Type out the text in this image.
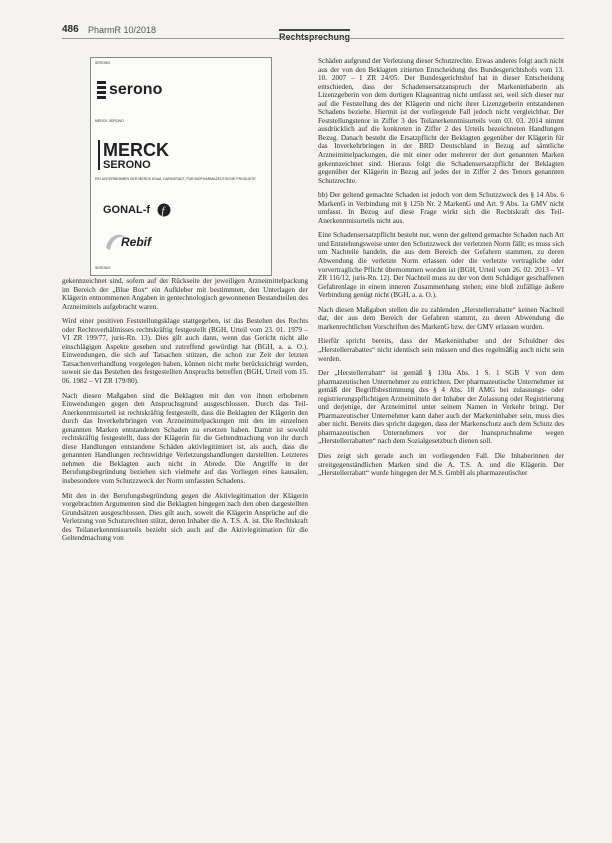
486 PharmR 10/2018
Rechtsprechung
SERONO
serono
MERCK SERONO
MERCK
SERONO
EIN UNTERNEHMEN DER MERCK KGaA, DARMSTADT, FÜR BIOPHARMAZEUTISCHE PRODUKTE
GONAL-f f
Rebif
SERONO

gekennzeichnet sind, sofern auf der Rückseite der jeweiligen Arzneimittelpackung im Bereich der „Blue Box“ ein Aufkleber mit bestimmten, den Unterlagen der Klägerin entnommenen Angaben in gentechnologisch gewonnenen Bestandteilen des Arzneimittels aufgebracht waren.

Wird einer positiven Feststellungsklage stattgegeben, ist das Bestehen des Rechts oder Rechtsverhältnisses rechtskräftig festgestellt (BGH, Urteil vom 23. 01. 1979 – VI ZR 199/77, juris-Rn. 13). Dies gilt auch dann, wenn das Gericht nicht alle einschlägigen Aspekte gesehen und zutreffend gewürdigt hat (BGH, a. a. O.). Einwendungen, die sich auf Tatsachen stützen, die schon zur Zeit der letzten Tatsachenverhandlung vorgelegen haben, können nicht mehr berücksichtigt werden, soweit sie das Bestehen des festgestellten Anspruchs betreffen (BGH, Urteil vom 15. 06. 1982 – VI ZR 179/80).

Nach diesen Maßgaben sind die Beklagten mit den von ihnen erhobenen Einwendungen gegen den Anspruchsgrund ausgeschlossen. Durch das Teil-Anerkenntnisurteil ist rechtskräftig festgestellt, dass die Beklagten der Klägerin den durch das Inverkehrbringen von Arzneimittelpackungen mit den im einzelnen genannten Marken entstandenen Schaden zu ersetzen haben. Damit ist sowohl rechtskräftig festgestellt, dass der Klägerin für die Geltendmachung von ihr durch diese Handlungen entstandene Schäden aktivlegitimiert ist, als auch, dass die genannten Handlungen rechtswidrige Verletzungshandlungen darstellten. Letzteres nehmen die Beklagten auch nicht in Abrede. Die Angriffe in der Berufungsbegründung beziehen sich vielmehr auf das Vorliegen eines kausalen, insbesondere vom Schutzzweck der Norm umfassten Schadens.

Mit den in der Berufungsbegründung gegen die Aktivlegitimation der Klägerin vorgebrachten Argumenten sind die Beklagten hingegen nach den oben dargestellten Grundsätzen ausgeschlossen. Dies gilt auch, soweit die Klägerin Ansprüche auf die Verletzung von Schutzrechten stützt, deren Inhaber die A. T.S. A. ist. Die Rechtskraft des Teilanerkenntnisurteils bezieht sich auch auf die Aktivlegitimation für die Geltendmachung von

Schäden aufgrund der Verletzung dieser Schutzrechte. Etwas anderes folgt auch nicht aus der von den Beklagten zitierten Entscheidung des Bundesgerichtshofs vom 13. 10. 2007 – I ZR 24/05. Der Bundesgerichtshof hat in dieser Entscheidung entschieden, dass der Schadensersatzanspruch der Markeninhaberin als Lizenzgeberin von dem dortigen Klageantrag nicht umfasst sei, weil sich dieser nur auf die Feststellung des der Klägerin und nicht ihrer Lizenzgeberin entstandenen Schadens beziehe. Hiermit ist der vorliegende Fall jedoch nicht vergleichbar. Der Feststellungstenor in Ziffer 3 des Teilanerkenntnisurteils vom 03. 03. 2014 nimmt ausdrücklich auf die konkreten in Ziffer 2 des Urteils bezeichneten Handlungen Bezug. Danach besteht die Ersatzpflicht der Beklagten gegenüber der Klägerin für das Inverkehrbringen in der BRD Deutschland in Bezug auf sämtliche Arzneimittelpackungen, die mit einer oder mehrerer der dort genannten Marken gekennzeichnet sind. Hieraus folgt die Schadensersatzpflicht der Beklagten gegenüber der Klägerin in Bezug auf jedes der in Ziffer 2 des Tenors genannten Schutzrechte.

bb) Der geltend gemachte Schaden ist jedoch von dem Schutzzweck des § 14 Abs. 6 MarkenG in Verbindung mit § 125b Nr. 2 MarkenG und Art. 9 Abs. 1a GMV nicht umfasst. In Bezug auf diese Frage wirkt sich die Rechtskraft des Teil-Anerkenntnisurteils nicht aus.

Eine Schadensersatzpflicht besteht nur, wenn der geltend gemachte Schaden nach Art und Entstehungsweise unter den Schutzzweck der verletzten Norm fällt; es muss sich um Nachteile handeln, die aus dem Bereich der Gefahren stammen, zu deren Abwendung die verletzte Norm erlassen oder die verletzte vertragliche oder vorvertragliche Pflicht übernommen worden ist (BGH, Urteil vom 26. 02. 2013 – VI ZR 116/12, juris-Rn. 12). Der Nachteil muss zu der von dem Schädiger geschaffenen Gefahrenlage in einem inneren Zusammenhang stehen; eine bloß zufällige äußere Verbindung genügt nicht (BGH, a. a. O.).

Nach diesen Maßgaben stellen die zu zahlenden „Herstellerrabatte“ keinen Nachteil dar, der aus dem Bereich der Gefahren stammt, zu deren Abwendung die markenrechtlichen Vorschriften des MarkenG bzw. der GMV erlassen wurden.

Hierfür spricht bereits, dass der Markeninhaber und der Schuldner des „Herstellerrabattes“ nicht identisch sein müssen und dies regelmäßig auch nicht sein werden.

Der „Herstellerrabatt“ ist gemäß § 130a Abs. 1 S. 1 SGB V von dem pharmazeutischen Unternehmer zu entrichten. Der pharmazeutische Unternehmer ist gemäß der Begriffsbestimmung des § 4 Abs. 18 AMG bei zulassungs- oder registrierungspflichtigen Arzneimitteln der Inhaber der Zulassung oder Registrierung und derjenige, der Arzneimittel unter seinem Namen in Verkehr bringt. Der Pharmazeutischer Unternehmer kann daher auch der Markeninhaber sein, muss dies aber nicht. Bereits dies spricht dagegen, dass der Markenschutz auch dem Schutz des pharmazeutischen Unternehmers vor der Inanspruchnahme wegen „Herstellerrabatten“ nach dem Sozialgesetzbuch dienen soll.

Dies zeigt sich gerade auch im vorliegenden Fall. Die Inhaberinnen der streitgegenständlichen Marken sind die A. T.S. A. und die Klägerin. Der „Herstellerrabatt“ wurde hingegen der M.S. GmbH als pharmazeutischer
